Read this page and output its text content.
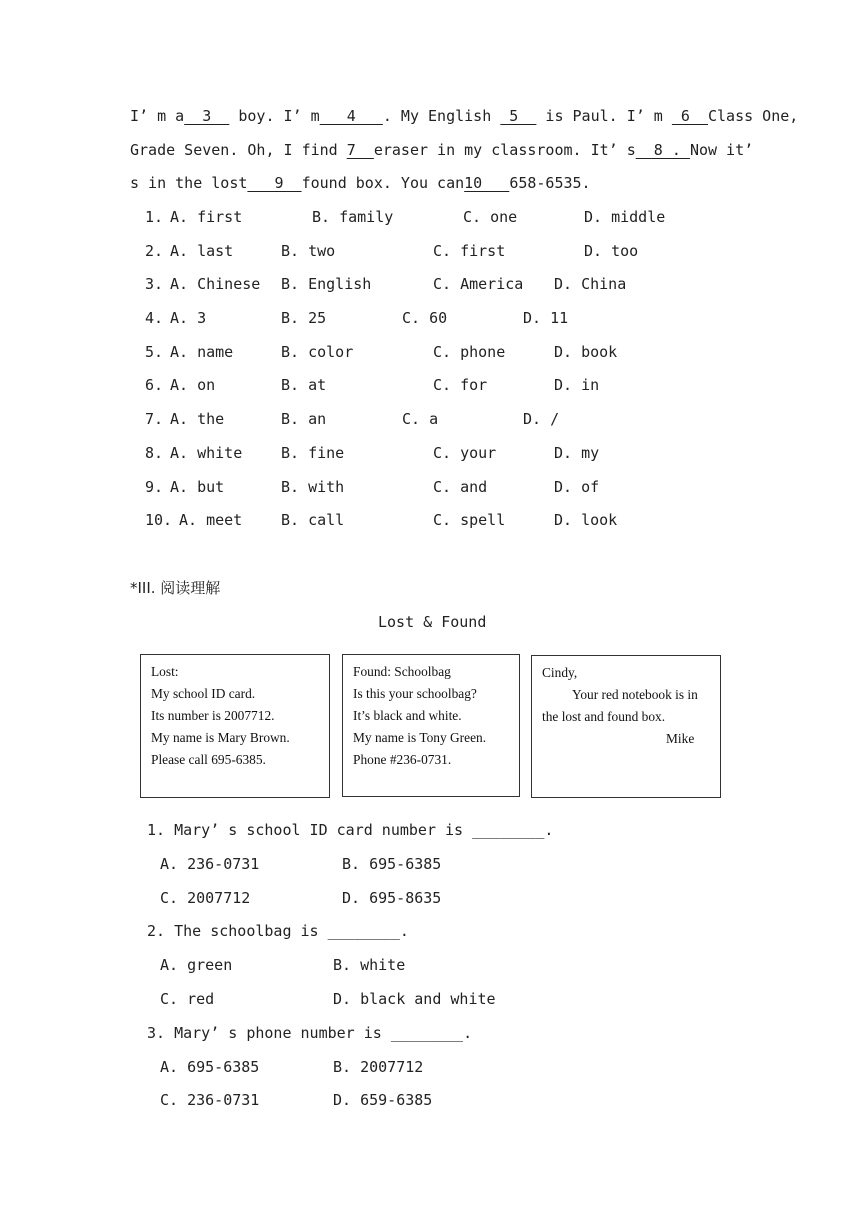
I’ m a 3 boy. I’ m 4 . My English 5 is Paul. I’ m 6 Class One,
Grade Seven. Oh, I find 7 eraser in my classroom. It’ s 8 . Now it’
s in the lost 9 found box. You can 10 658-6535.
1. A. first	B. family	C. one	D. middle
2. A. last	B. two	C. first	D. too
3. A. Chinese B. English	C. America D. China
4. A. 3	B. 25	C. 60	D. 11
5. A. name	B. color	C. phone	D. book
6. A. on	B. at	C. for	D. in
7. A. the	B. an	C. a	D. /
8. A. white	B. fine	C. your	D. my
9. A. but	B. with	C. and	D. of
10. A. meet	B. call	C. spell	D. look
*III. 阅读理解
Lost & Found
Lost:
My school ID card.
Its number is 2007712.
My name is Mary Brown.
Please call 695-6385.
Found: Schoolbag
Is this your schoolbag?
It’s black and white.
My name is Tony Green.
Phone #236-0731.
Cindy,
Your red notebook is in
the lost and found box.
Mike
1. Mary’ s school ID card number is ________.
A. 236-0731	B. 695-6385
C. 2007712	D. 695-8635
2. The schoolbag is ________.
A. green	B. white
C. red	D. black and white
3. Mary’ s phone number is ________.
A. 695-6385	B. 2007712
C. 236-0731	D. 659-6385
